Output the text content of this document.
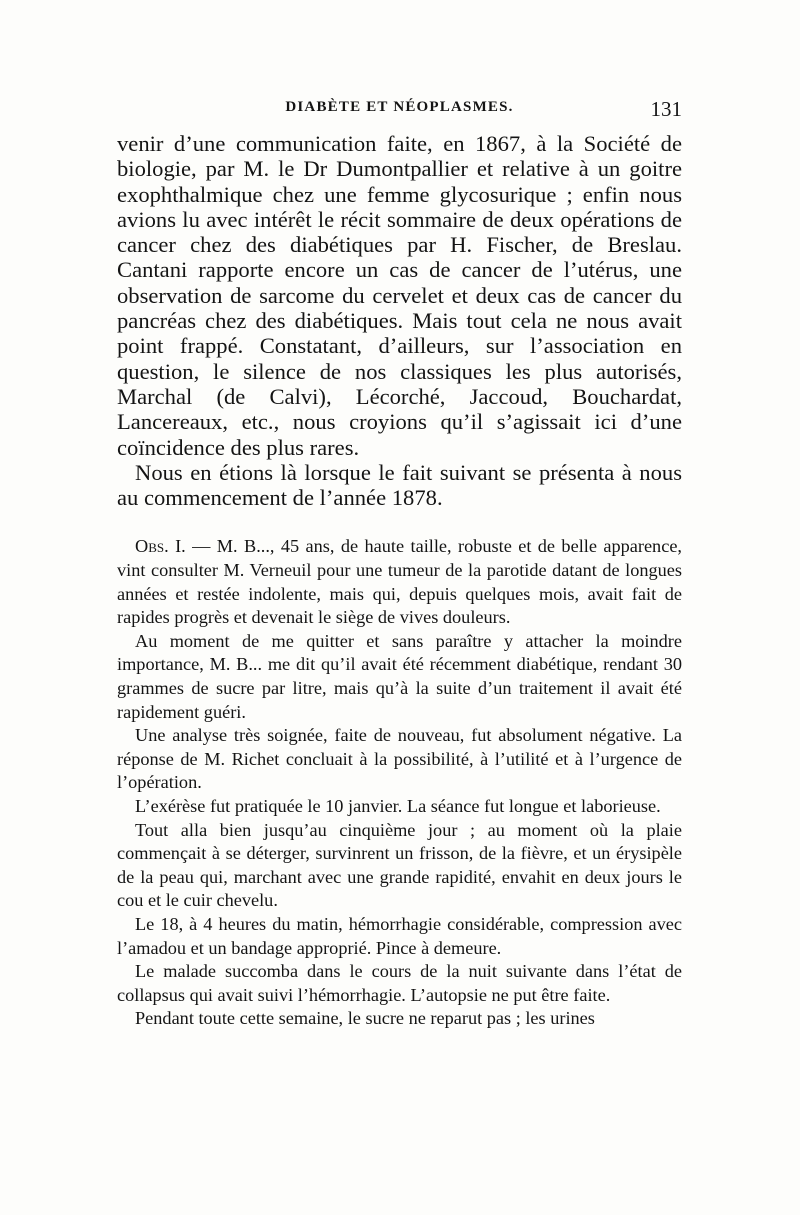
DIABÈTE ET NÉOPLASMES.	131

venir d’une communication faite, en 1867, à la Société de biologie, par M. le Dr Dumontpallier et relative à un goitre exophthalmique chez une femme glycosurique ; enfin nous avions lu avec intérêt le récit sommaire de deux opérations de cancer chez des diabétiques par H. Fischer, de Breslau. Cantani rapporte encore un cas de cancer de l’utérus, une observation de sarcome du cervelet et deux cas de cancer du pancréas chez des diabétiques. Mais tout cela ne nous avait point frappé. Constatant, d’ailleurs, sur l’association en question, le silence de nos classiques les plus autorisés, Marchal (de Calvi), Lécorché, Jaccoud, Bouchardat, Lancereaux, etc., nous croyions qu’il s’agissait ici d’une coïncidence des plus rares.

Nous en étions là lorsque le fait suivant se présenta à nous au commencement de l’année 1878.

Obs. I. — M. B..., 45 ans, de haute taille, robuste et de belle apparence, vint consulter M. Verneuil pour une tumeur de la parotide datant de longues années et restée indolente, mais qui, depuis quelques mois, avait fait de rapides progrès et devenait le siège de vives douleurs.

Au moment de me quitter et sans paraître y attacher la moindre importance, M. B... me dit qu’il avait été récemment diabétique, rendant 30 grammes de sucre par litre, mais qu’à la suite d’un traitement il avait été rapidement guéri.

Une analyse très soignée, faite de nouveau, fut absolument négative. La réponse de M. Richet concluait à la possibilité, à l’utilité et à l’urgence de l’opération.

L’exérèse fut pratiquée le 10 janvier. La séance fut longue et laborieuse.

Tout alla bien jusqu’au cinquième jour ; au moment où la plaie commençait à se déterger, survinrent un frisson, de la fièvre, et un érysipèle de la peau qui, marchant avec une grande rapidité, envahit en deux jours le cou et le cuir chevelu.

Le 18, à 4 heures du matin, hémorrhagie considérable, compression avec l’amadou et un bandage approprié. Pince à demeure.

Le malade succomba dans le cours de la nuit suivante dans l’état de collapsus qui avait suivi l’hémorrhagie. L’autopsie ne put être faite.

Pendant toute cette semaine, le sucre ne reparut pas ; les urines
